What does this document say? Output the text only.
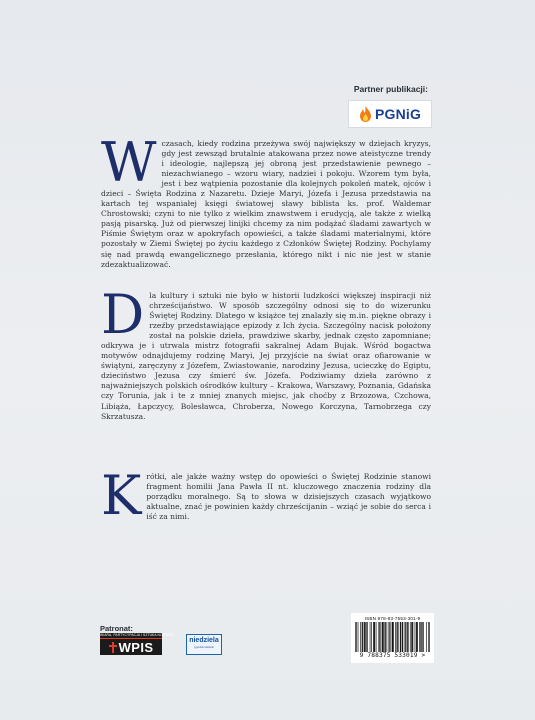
Partner publikacji:
PGNiG

W czasach, kiedy rodzina przeżywa swój największy w dziejach kryzys, gdy jest zewsząd brutalnie atakowana przez nowe ateistyczne trendy i ideologie, najlepszą jej obroną jest przedstawienie pewnego – niezachwianego – wzoru wiary, nadziei i pokoju. Wzorem tym była, jest i bez wątpienia pozostanie dla kolejnych pokoleń matek, ojców i dzieci – Święta Rodzina z Nazaretu. Dzieje Maryi, Józefa i Jezusa przedstawia na kartach tej wspaniałej księgi światowej sławy biblista ks. prof. Waldemar Chrostowski; czyni to nie tylko z wielkim znawstwem i erudycją, ale także z wielką pasją pisarską. Już od pierwszej linijki chcemy za nim podążać śladami zawartych w Piśmie Świętym oraz w apokryfach opowieści, a także śladami materialnymi, które pozostały w Ziemi Świętej po życiu każdego z Członków Świętej Rodziny. Pochylamy się nad prawdą ewangelicznego przesłania, którego nikt i nic nie jest w stanie zdezaktualizować.

D la kultury i sztuki nie było w historii ludzkości większej inspiracji niż chrześcijaństwo. W sposób szczególny odnosi się to do wizerunku Świętej Rodziny. Dlatego w książce tej znalazły się m.in. piękne obrazy i rzeźby przedstawiające epizody z Ich życia. Szczególny nacisk położony został na polskie dzieła, prawdziwe skarby, jednak często zapomniane; odkrywa je i utrwala mistrz fotografii sakralnej Adam Bujak. Wśród bogactwa motywów odnajdujemy rodzinę Maryi, Jej przyjście na świat oraz ofiarowanie w świątyni, zaręczyny z Józefem, Zwiastowanie, narodziny Jezusa, ucieczkę do Egiptu, dzieciństwo Jezusa czy śmierć św. Józefa. Podziwiamy dzieła zarówno z najważniejszych polskich ośrodków kultury – Krakowa, Warszawy, Poznania, Gdańska czy Torunia, jak i te z mniej znanych miejsc, jak choćby z Brzozowa, Czchowa, Libiąża, Łapczycy, Bolesławca, Chroberza, Nowego Korczyna, Tarnobrzega czy Skrzatusza.

K rótki, ale jakże ważny wstęp do opowieści o Świętej Rodzinie stanowi fragment homilii Jana Pawła II nt. kluczowego znaczenia rodziny dla porządku moralnego. Są to słowa w dzisiejszych czasach wyjątkowo aktualne, znać je powinien każdy chrześcijanin – wziąć je sobie do serca i iść za nimi.

Patronat:
WIARA, PARTYCYPACJA I SZTUKA NOWOŚCI
WPIS	niedziela
tygodnik katolicki
ISBN 978-83-7553-301-9
9 788375 533019 >
